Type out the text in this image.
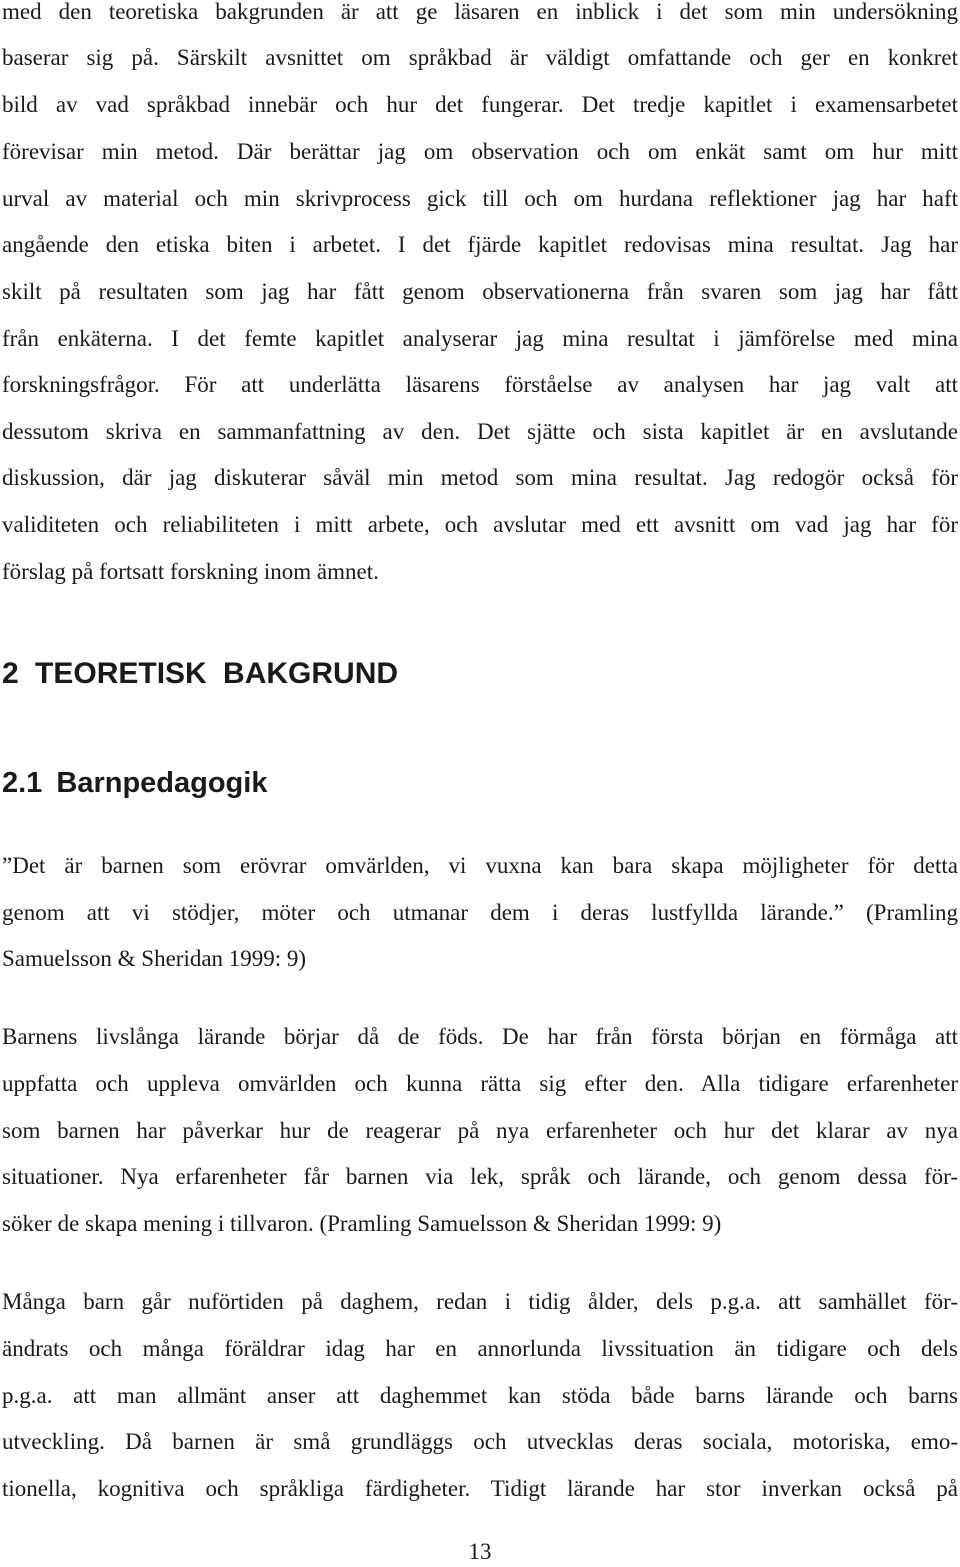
med den teoretiska bakgrunden är att ge läsaren en inblick i det som min undersökning
baserar sig på. Särskilt avsnittet om språkbad är väldigt omfattande och ger en konkret
bild av vad språkbad innebär och hur det fungerar. Det tredje kapitlet i examensarbetet
förevisar min metod. Där berättar jag om observation och om enkät samt om hur mitt
urval av material och min skrivprocess gick till och om hurdana reflektioner jag har haft
angående den etiska biten i arbetet. I det fjärde kapitlet redovisas mina resultat. Jag har
skilt på resultaten som jag har fått genom observationerna från svaren som jag har fått
från enkäterna. I det femte kapitlet analyserar jag mina resultat i jämförelse med mina
forskningsfrågor. För att underlätta läsarens förståelse av analysen har jag valt att
dessutom skriva en sammanfattning av den. Det sjätte och sista kapitlet är en avslutande
diskussion, där jag diskuterar såväl min metod som mina resultat. Jag redogör också för
validiteten och reliabiliteten i mitt arbete, och avslutar med ett avsnitt om vad jag har för
förslag på fortsatt forskning inom ämnet.
2 TEORETISK BAKGRUND
2.1 Barnpedagogik
”Det är barnen som erövrar omvärlden, vi vuxna kan bara skapa möjligheter för detta
genom att vi stödjer, möter och utmanar dem i deras lustfyllda lärande.” (Pramling
Samuelsson & Sheridan 1999: 9)
Barnens livslånga lärande börjar då de föds. De har från första början en förmåga att
uppfatta och uppleva omvärlden och kunna rätta sig efter den. Alla tidigare erfarenheter
som barnen har påverkar hur de reagerar på nya erfarenheter och hur det klarar av nya
situationer. Nya erfarenheter får barnen via lek, språk och lärande, och genom dessa för-
söker de skapa mening i tillvaron. (Pramling Samuelsson & Sheridan 1999: 9)
Många barn går nuförtiden på daghem, redan i tidig ålder, dels p.g.a. att samhället för-
ändrats och många föräldrar idag har en annorlunda livssituation än tidigare och dels
p.g.a. att man allmänt anser att daghemmet kan stöda både barns lärande och barns
utveckling. Då barnen är små grundläggs och utvecklas deras sociala, motoriska, emo-
tionella, kognitiva och språkliga färdigheter. Tidigt lärande har stor inverkan också på
13
